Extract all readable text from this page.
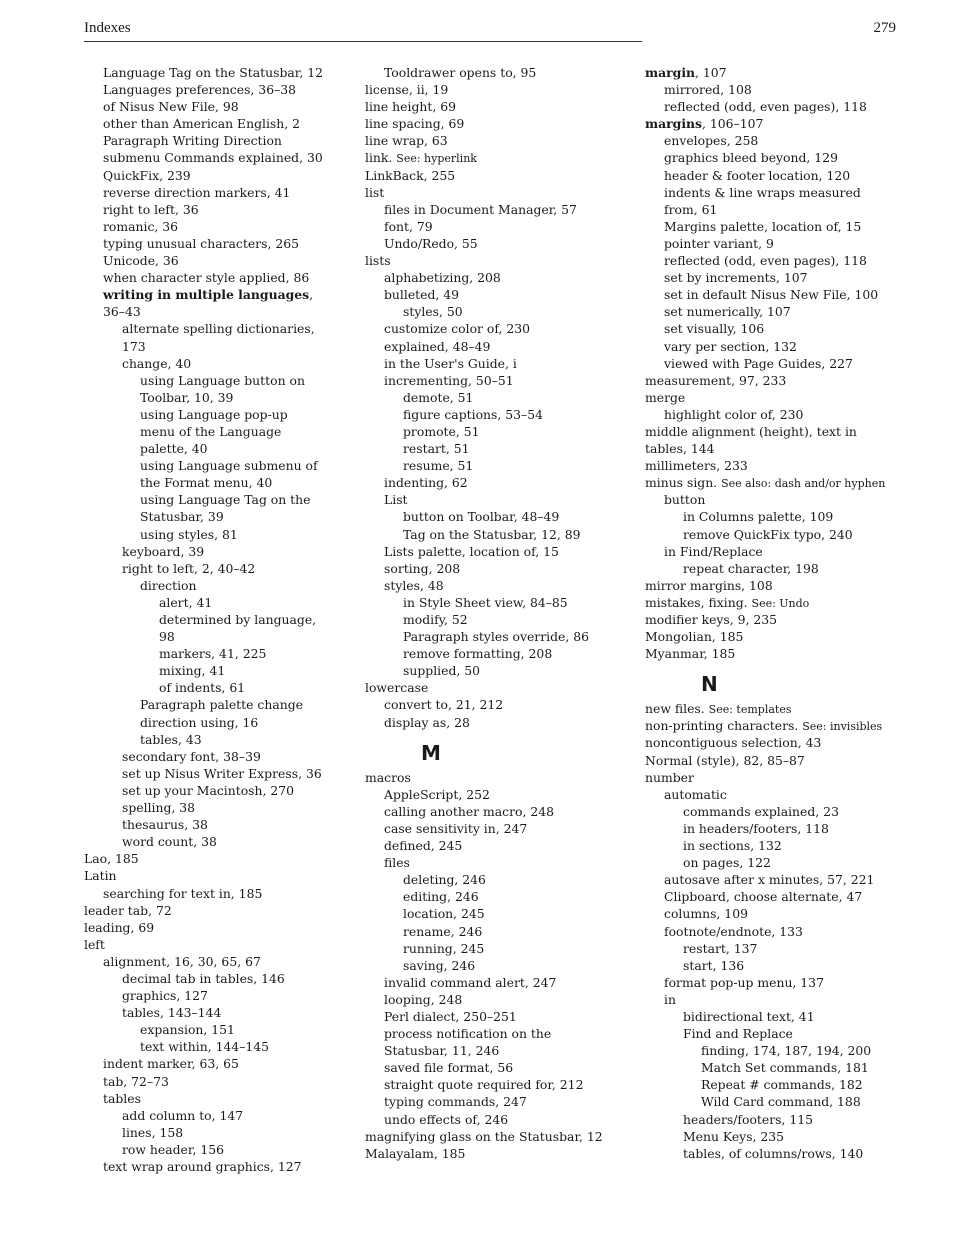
Indexes	279
Language Tag on the Statusbar, 12
Languages preferences, 36–38
of Nisus New File, 98
other than American English, 2
Paragraph Writing Direction
submenu Commands explained, 30
QuickFix, 239
reverse direction markers, 41
right to left, 36
romanic, 36
typing unusual characters, 265
Unicode, 36
when character style applied, 86
writing in multiple languages,
36–43
alternate spelling dictionaries,
173
change, 40
using Language button on
Toolbar, 10, 39
using Language pop-up
menu of the Language
palette, 40
using Language submenu of
the Format menu, 40
using Language Tag on the
Statusbar, 39
using styles, 81
keyboard, 39
right to left, 2, 40–42
direction
alert, 41
determined by language,
98
markers, 41, 225
mixing, 41
of indents, 61
Paragraph palette change
direction using, 16
tables, 43
secondary font, 38–39
set up Nisus Writer Express, 36
set up your Macintosh, 270
spelling, 38
thesaurus, 38
word count, 38
Lao, 185
Latin
searching for text in, 185
leader tab, 72
leading, 69
left
alignment, 16, 30, 65, 67
decimal tab in tables, 146
graphics, 127
tables, 143–144
expansion, 151
text within, 144–145
indent marker, 63, 65
tab, 72–73
tables
add column to, 147
lines, 158
row header, 156
text wrap around graphics, 127
Tooldrawer opens to, 95
license, ii, 19
line height, 69
line spacing, 69
line wrap, 63
link. See: hyperlink
LinkBack, 255
list
files in Document Manager, 57
font, 79
Undo/Redo, 55
lists
alphabetizing, 208
bulleted, 49
styles, 50
customize color of, 230
explained, 48–49
in the User's Guide, i
incrementing, 50–51
demote, 51
figure captions, 53–54
promote, 51
restart, 51
resume, 51
indenting, 62
List
button on Toolbar, 48–49
Tag on the Statusbar, 12, 89
Lists palette, location of, 15
sorting, 208
styles, 48
in Style Sheet view, 84–85
modify, 52
Paragraph styles override, 86
remove formatting, 208
supplied, 50
lowercase
convert to, 21, 212
display as, 28
M
macros
AppleScript, 252
calling another macro, 248
case sensitivity in, 247
defined, 245
files
deleting, 246
editing, 246
location, 245
rename, 246
running, 245
saving, 246
invalid command alert, 247
looping, 248
Perl dialect, 250–251
process notification on the
Statusbar, 11, 246
saved file format, 56
straight quote required for, 212
typing commands, 247
undo effects of, 246
magnifying glass on the Statusbar, 12
Malayalam, 185
margin, 107
mirrored, 108
reflected (odd, even pages), 118
margins, 106–107
envelopes, 258
graphics bleed beyond, 129
header & footer location, 120
indents & line wraps measured
from, 61
Margins palette, location of, 15
pointer variant, 9
reflected (odd, even pages), 118
set by increments, 107
set in default Nisus New File, 100
set numerically, 107
set visually, 106
vary per section, 132
viewed with Page Guides, 227
measurement, 97, 233
merge
highlight color of, 230
middle alignment (height), text in
tables, 144
millimeters, 233
minus sign. See also: dash and/or hyphen
button
in Columns palette, 109
remove QuickFix typo, 240
in Find/Replace
repeat character, 198
mirror margins, 108
mistakes, fixing. See: Undo
modifier keys, 9, 235
Mongolian, 185
Myanmar, 185
N
new files. See: templates
non-printing characters. See: invisibles
noncontiguous selection, 43
Normal (style), 82, 85–87
number
automatic
commands explained, 23
in headers/footers, 118
in sections, 132
on pages, 122
autosave after x minutes, 57, 221
Clipboard, choose alternate, 47
columns, 109
footnote/endnote, 133
restart, 137
start, 136
format pop-up menu, 137
in
bidirectional text, 41
Find and Replace
finding, 174, 187, 194, 200
Match Set commands, 181
Repeat # commands, 182
Wild Card command, 188
headers/footers, 115
Menu Keys, 235
tables, of columns/rows, 140
